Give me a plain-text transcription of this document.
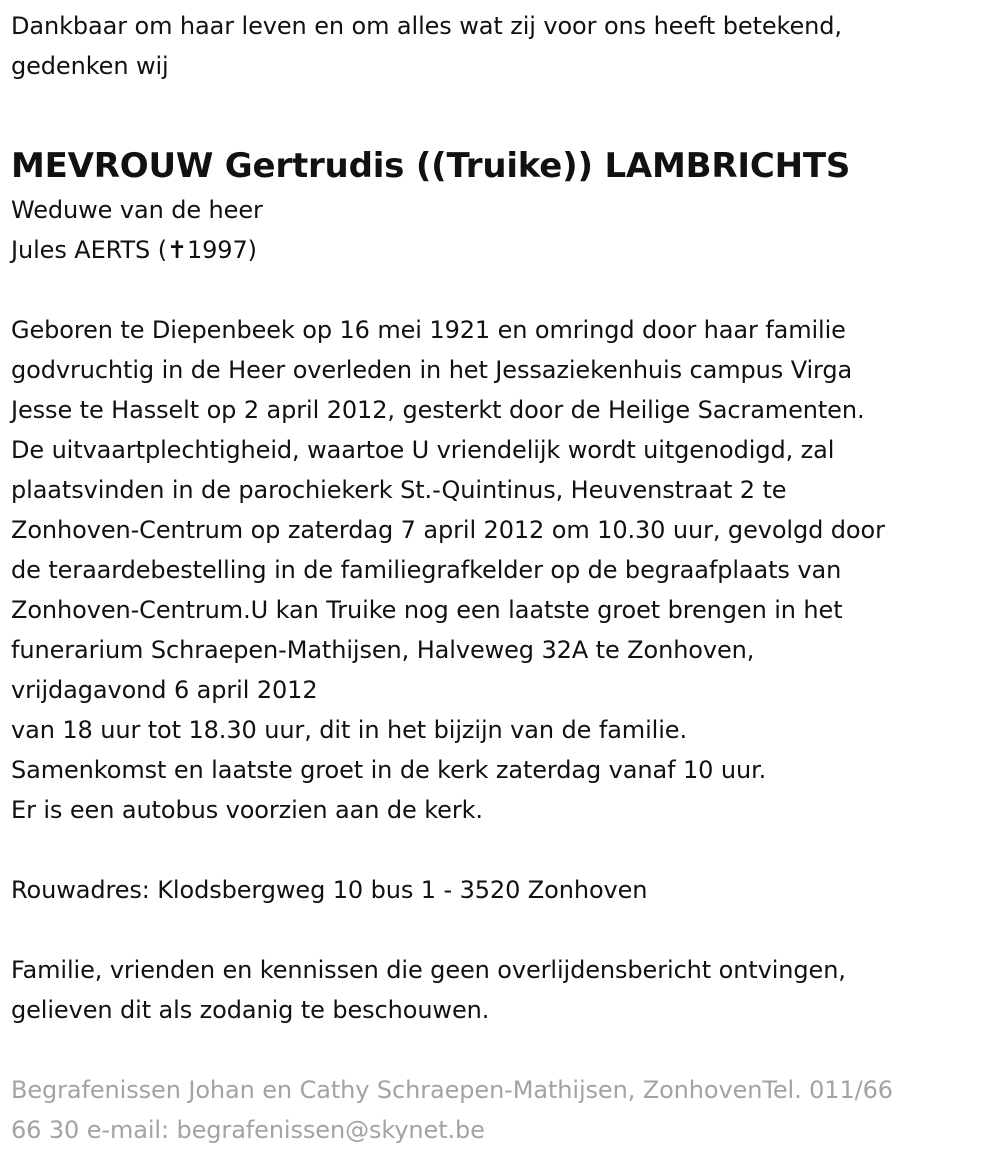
Dankbaar om haar leven en om alles wat zij voor ons heeft betekend,
gedenken wij
MEVROUW Gertrudis ((Truike)) LAMBRICHTS
Weduwe van de heer
Jules AERTS (✝1997)
Geboren te Diepenbeek op 16 mei 1921 en omringd door haar familie
godvruchtig in de Heer overleden in het Jessaziekenhuis campus Virga
Jesse te Hasselt op 2 april 2012, gesterkt door de Heilige Sacramenten.
De uitvaartplechtigheid, waartoe U vriendelijk wordt uitgenodigd, zal
plaatsvinden in de parochiekerk St.-Quintinus, Heuvenstraat 2 te
Zonhoven-Centrum op zaterdag 7 april 2012 om 10.30 uur, gevolgd door
de teraardebestelling in de familiegrafkelder op de begraafplaats van
Zonhoven-Centrum.U kan Truike nog een laatste groet brengen in het
funerarium Schraepen-Mathijsen, Halveweg 32A te Zonhoven,
vrijdagavond 6 april 2012
van 18 uur tot 18.30 uur, dit in het bijzijn van de familie.
Samenkomst en laatste groet in de kerk zaterdag vanaf 10 uur.
Er is een autobus voorzien aan de kerk.
Rouwadres: Klodsbergweg 10 bus 1 - 3520 Zonhoven
Familie, vrienden en kennissen die geen overlijdensbericht ontvingen,
gelieven dit als zodanig te beschouwen.
Begrafenissen Johan en Cathy Schraepen-Mathijsen, ZonhovenTel. 011/66
66 30 e-mail: begrafenissen@skynet.be
